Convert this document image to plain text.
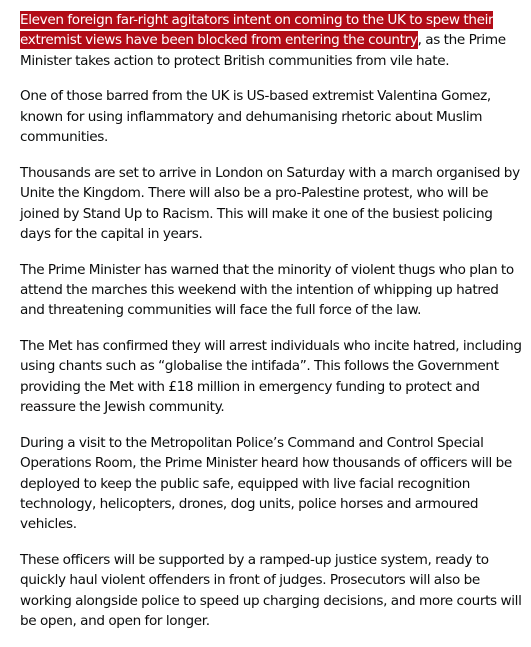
Eleven foreign far-right agitators intent on coming to the UK to spew their extremist views have been blocked from entering the country, as the Prime Minister takes action to protect British communities from vile hate.

One of those barred from the UK is US-based extremist Valentina Gomez, known for using inflammatory and dehumanising rhetoric about Muslim communities.

Thousands are set to arrive in London on Saturday with a march organised by Unite the Kingdom. There will also be a pro-Palestine protest, who will be joined by Stand Up to Racism. This will make it one of the busiest policing days for the capital in years.

The Prime Minister has warned that the minority of violent thugs who plan to attend the marches this weekend with the intention of whipping up hatred and threatening communities will face the full force of the law.

The Met has confirmed they will arrest individuals who incite hatred, including using chants such as “globalise the intifada”. This follows the Government providing the Met with £18 million in emergency funding to protect and reassure the Jewish community.

During a visit to the Metropolitan Police’s Command and Control Special Operations Room, the Prime Minister heard how thousands of officers will be deployed to keep the public safe, equipped with live facial recognition technology, helicopters, drones, dog units, police horses and armoured vehicles.

These officers will be supported by a ramped-up justice system, ready to quickly haul violent offenders in front of judges. Prosecutors will also be working alongside police to speed up charging decisions, and more courts will be open, and open for longer.
